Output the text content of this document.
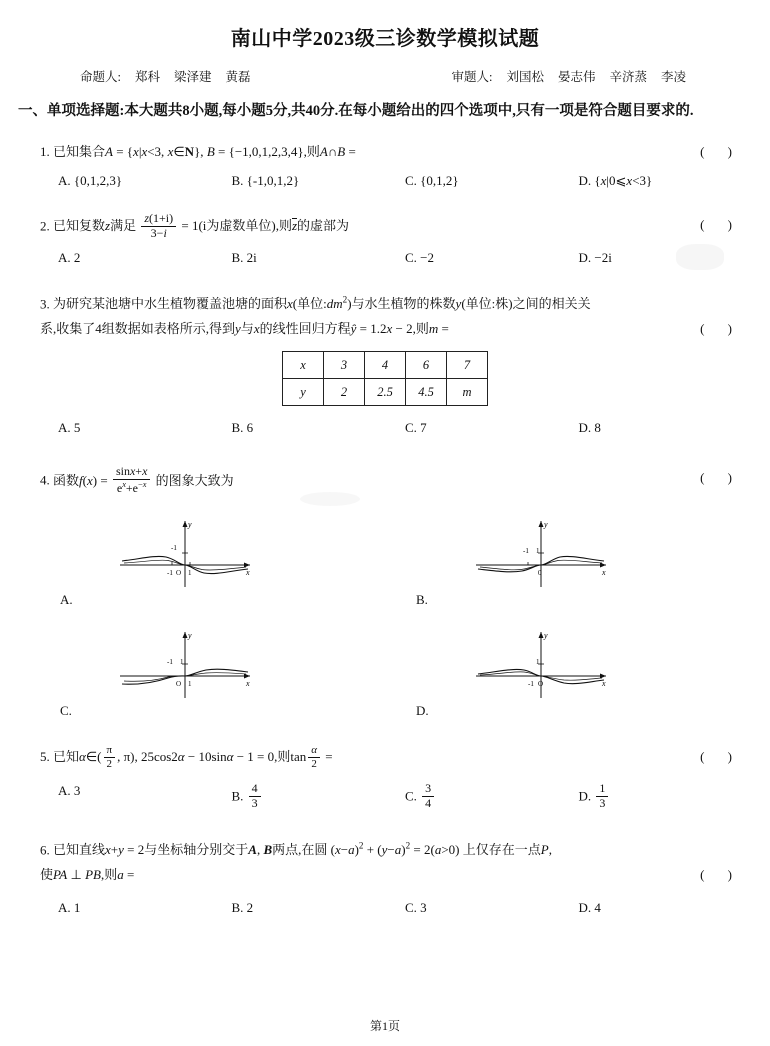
南山中学2023级三诊数学模拟试题
命题人: 郑科 梁泽建 黄磊	审题人: 刘国松 晏志伟 辛济蒸 李凌
一、单项选择题:本大题共8小题,每小题5分,共40分.在每小题给出的四个选项中,只有一项是符合题目要求的.
( )
1. 已知集合A = {x|x<3, x∈N}, B = {−1,0,1,2,3,4},则A∩B =
A. {0,1,2,3}	B. {-1,0,1,2}	C. {0,1,2}	D. {x|0⩽x<3}
( )
2. 已知复数z满足 $\frac{z(1+i)}{3-i} = 1(i$为虚数单位),则z的虚部为
A. 2	B. 2i	C. −2	D. −2i
3. 为研究某池塘中水生植物覆盖池塘的面积x(单位$:dm^2$)与水生植物的株数y(单位:株)之间的相关关
( )
系,收集了4组数据如表格所示,得到y与x的线性回归方程ŷ = 1.2x − 2,则m =
x	3	4	6	7
y	2	2.5	4.5	m
A. 5	B. 6	C. 7	D. 8
( )
4. 函数$f(x) = \frac{\sin x+x}{e^x+e^{-x}}$ 的图象大致为
A.
y
x
O 1
-1
-1
B.
y
x
0
-1 1
C.
y
x
O 1
-1 1
D.
y
x
-1 O
1
( )
5. 已知α∈( $\frac{\pi}{2}$ , π), 25cos2α − 10sinα − 1 = 0,则$\tan \frac{\alpha}{2}$ =
A. 3	B. $\frac{4}{3}$	C. $\frac{3}{4}$	D. $\frac{1}{3}$
6. 已知直线x+y = 2与坐标轴分别交于A, B两点,在圆 $(x-a)^2 + (y-a)^2 = 2(a>0)$ 上仅存在一点P,
( )
使PA ⊥ PB,则a =
A. 1	B. 2	C. 3	D. 4
第1页
